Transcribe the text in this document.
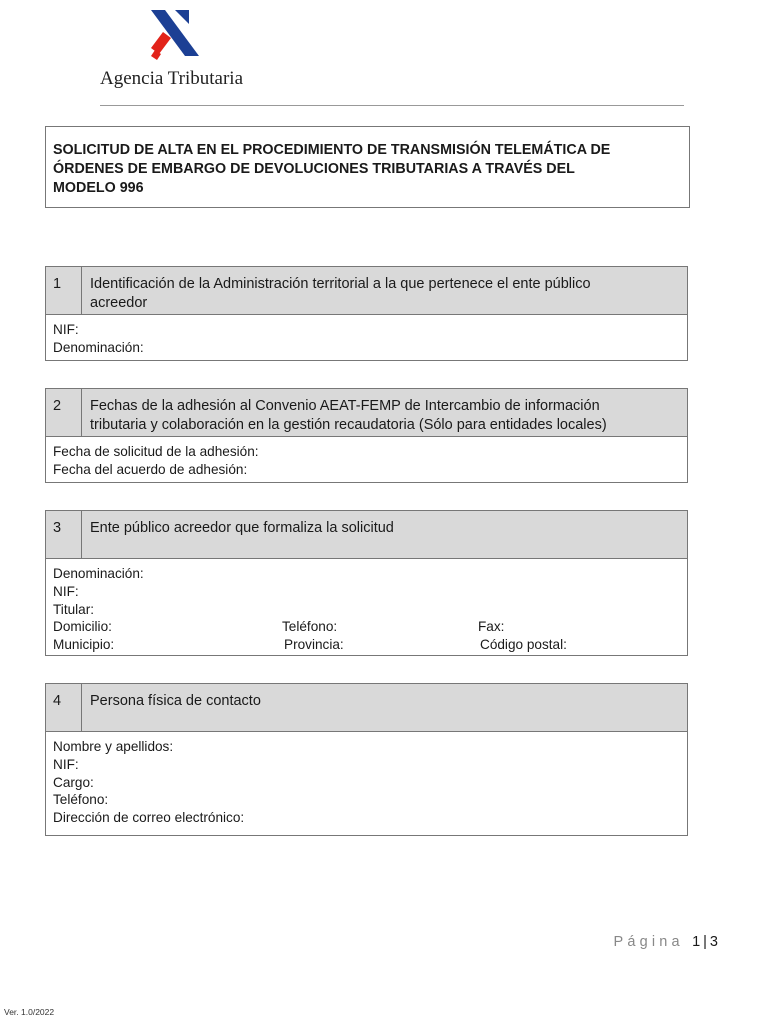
Agencia Tributaria
SOLICITUD DE ALTA EN EL PROCEDIMIENTO DE TRANSMISIÓN TELEMÁTICA DE
ÓRDENES DE EMBARGO DE DEVOLUCIONES TRIBUTARIAS A TRAVÉS DEL
MODELO 996
1	Identificación de la Administración territorial a la que pertenece el ente público
acreedor
NIF:
Denominación:
2	Fechas de la adhesión al Convenio AEAT-FEMP de Intercambio de información
tributaria y colaboración en la gestión recaudatoria (Sólo para entidades locales)
Fecha de solicitud de la adhesión:
Fecha del acuerdo de adhesión:
3	Ente público acreedor que formaliza la solicitud
Denominación:
NIF:
Titular:
Domicilio:	Teléfono:	Fax:
Municipio:	Provincia:	Código postal:
4	Persona física de contacto
Nombre y apellidos:
NIF:
Cargo:
Teléfono:
Dirección de correo electrónico:
Página 1 | 3
Ver. 1.0/2022
